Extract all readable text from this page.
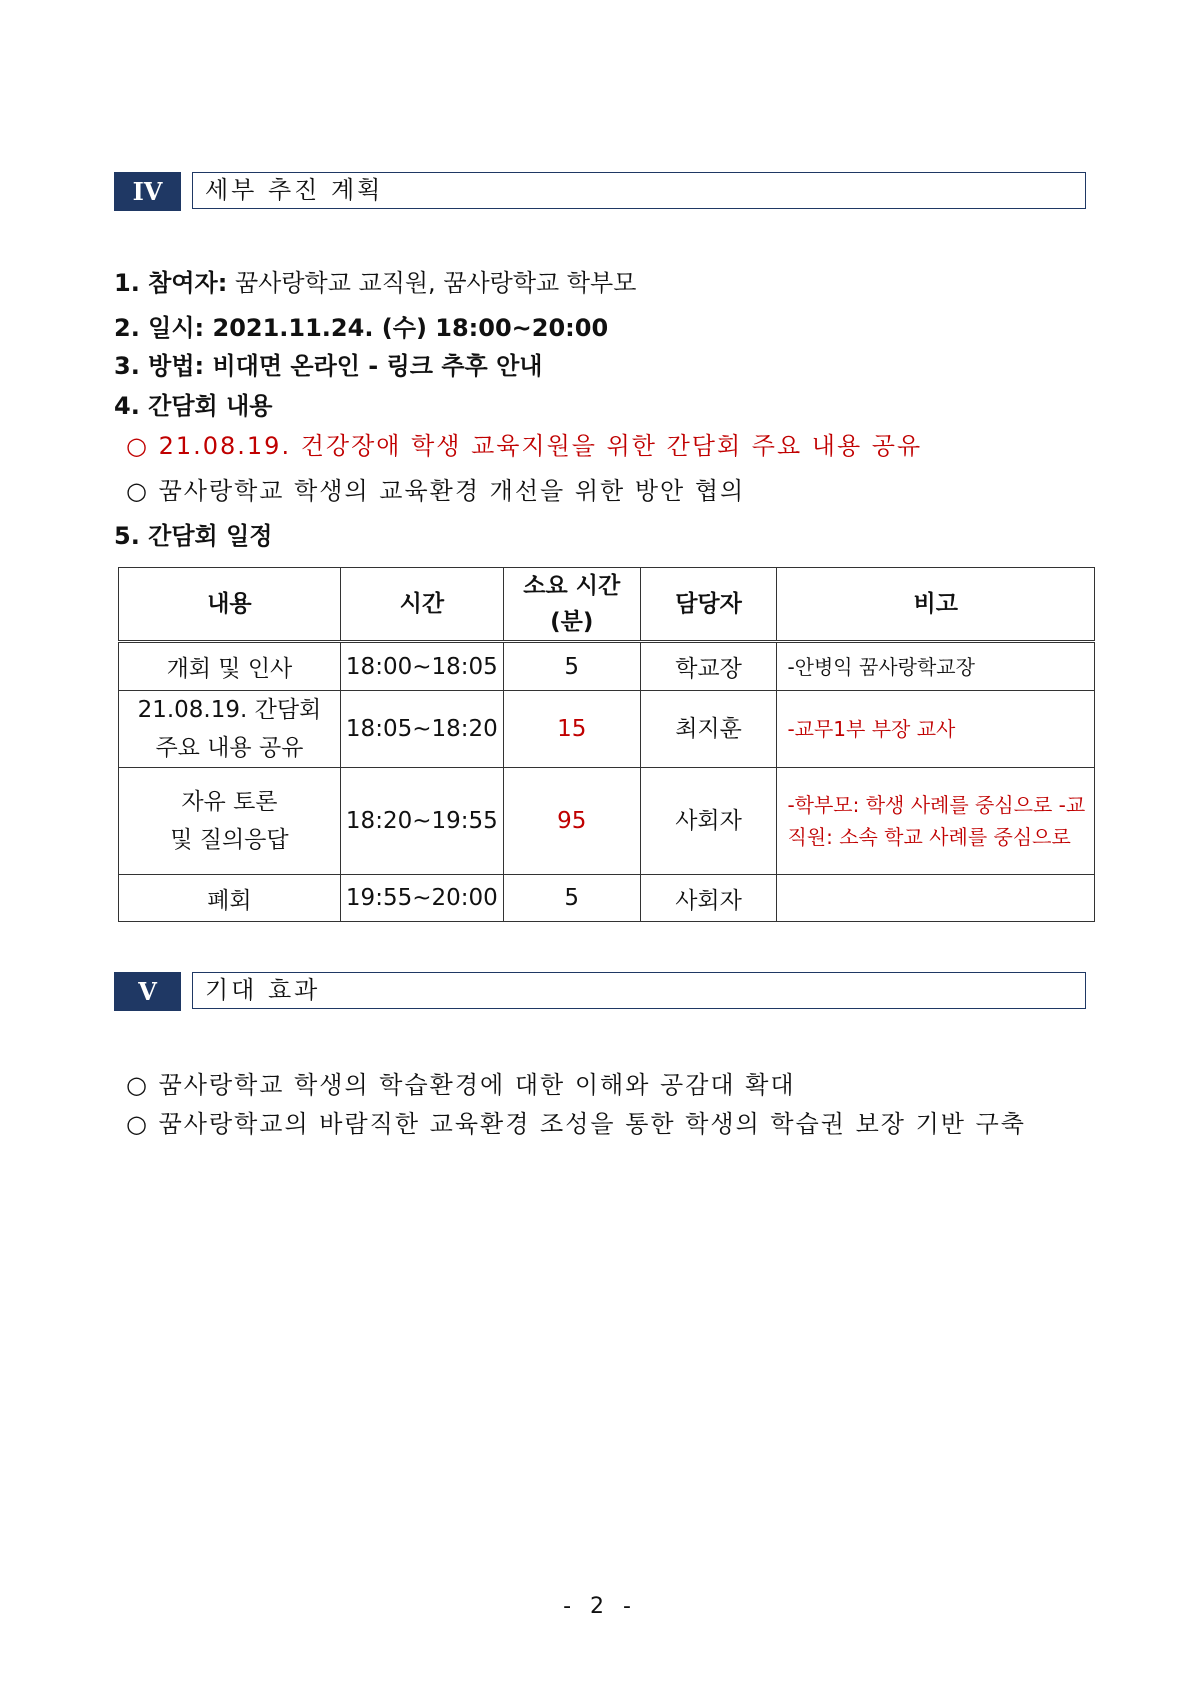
IV	세부 추진 계획
1. 참여자: 꿈사랑학교 교직원, 꿈사랑학교 학부모
2. 일시: 2021.11.24. (수) 18:00~20:00
3. 방법: 비대면 온라인 - 링크 추후 안내
4. 간담회 내용
○ 21.08.19. 건강장애 학생 교육지원을 위한 간담회 주요 내용 공유
○ 꿈사랑학교 학생의 교육환경 개선을 위한 방안 협의
5. 간담회 일정
내용	시간	소요 시간 (분)	담당자	비고
개회 및 인사	18:00~18:05	5	학교장	-안병익 꿈사랑학교장
21.08.19. 간담회 주요 내용 공유	18:05~18:20	15	최지훈	-교무1부 부장 교사
자유 토론 및 질의응답	18:20~19:55	95	사회자	-학부모: 학생 사례를 중심으로 -교직원: 소속 학교 사례를 중심으로
폐회	19:55~20:00	5	사회자	
V	기대 효과
○ 꿈사랑학교 학생의 학습환경에 대한 이해와 공감대 확대
○ 꿈사랑학교의 바람직한 교육환경 조성을 통한 학생의 학습권 보장 기반 구축
- 2 -
